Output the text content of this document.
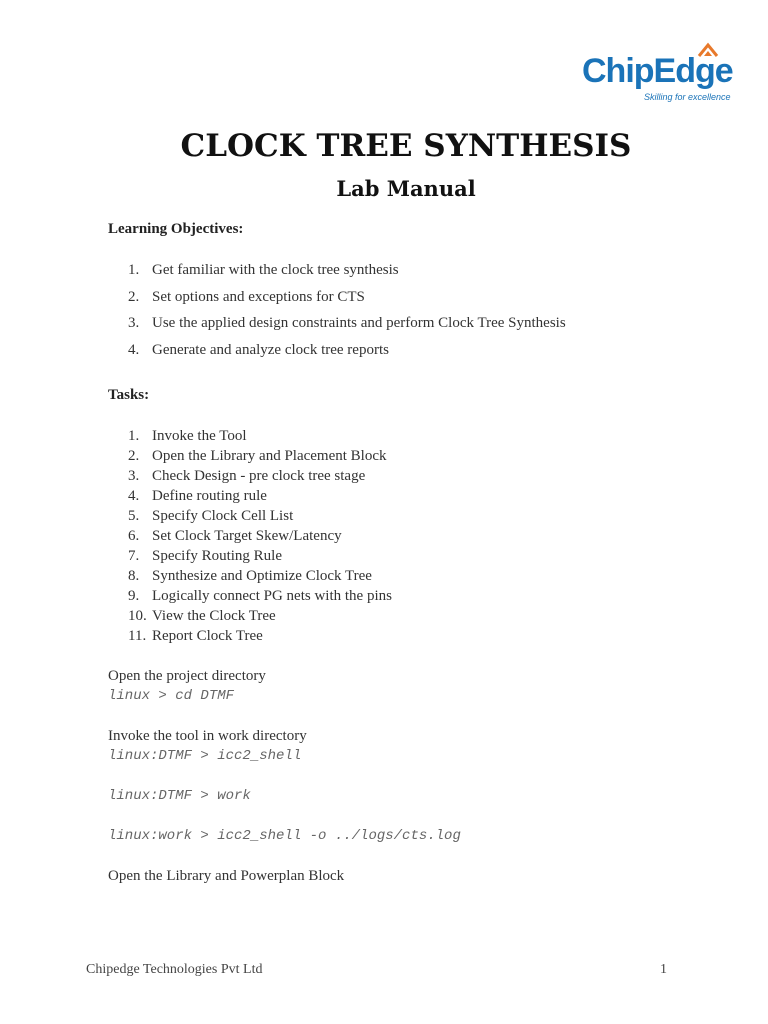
ChipEdge
Skilling for excellence
CLOCK TREE SYNTHESIS
Lab Manual
Learning Objectives:
1. Get familiar with the clock tree synthesis
2. Set options and exceptions for CTS
3. Use the applied design constraints and perform Clock Tree Synthesis
4. Generate and analyze clock tree reports
Tasks:
1. Invoke the Tool
2. Open the Library and Placement Block
3. Check Design - pre clock tree stage
4. Define routing rule
5. Specify Clock Cell List
6. Set Clock Target Skew/Latency
7. Specify Routing Rule
8. Synthesize and Optimize Clock Tree
9. Logically connect PG nets with the pins
10. View the Clock Tree
11. Report Clock Tree
Open the project directory
linux > cd DTMF
Invoke the tool in work directory
linux:DTMF > icc2_shell
linux:DTMF > work
linux:work > icc2_shell -o ../logs/cts.log
Open the Library and Powerplan Block
Chipedge Technologies Pvt Ltd	1
